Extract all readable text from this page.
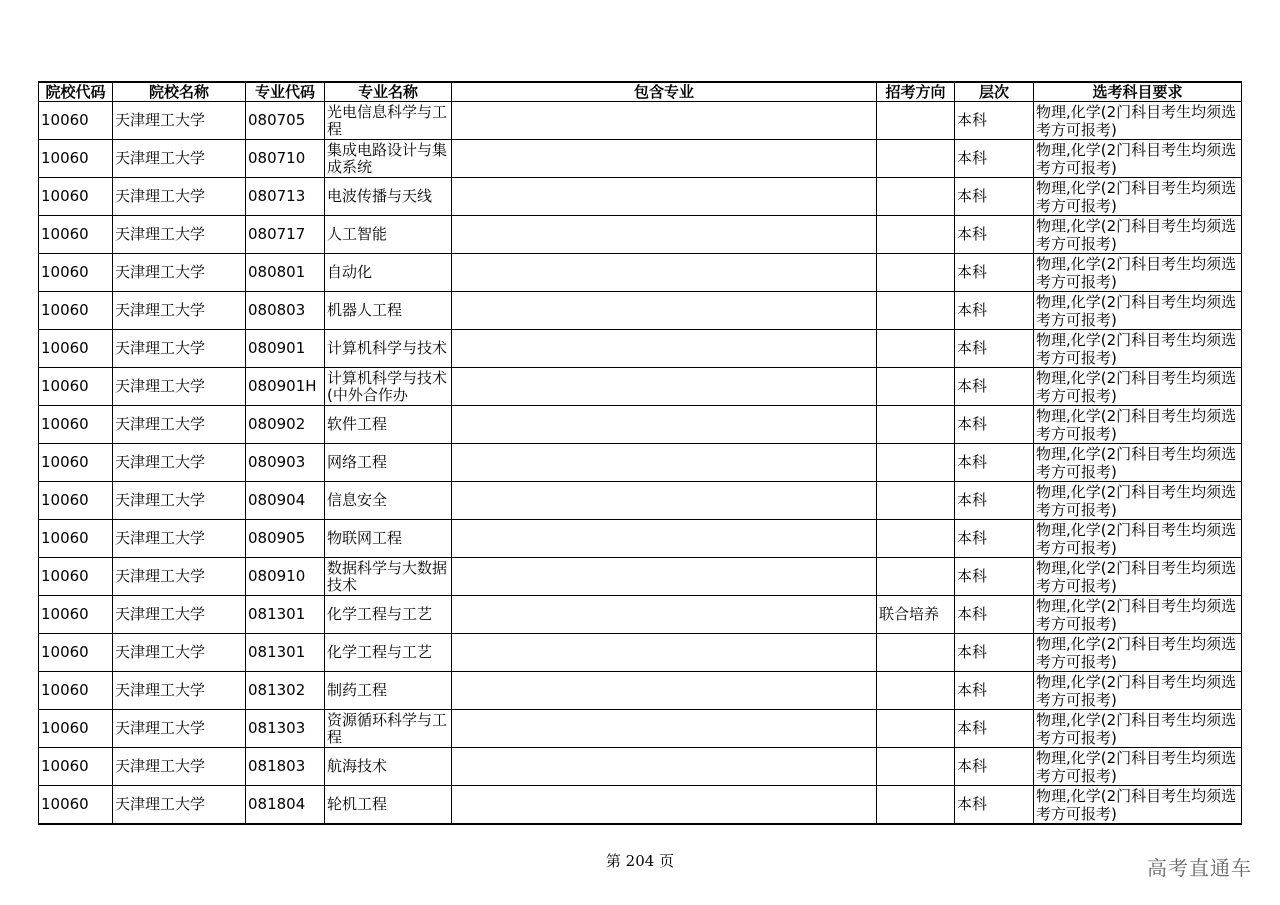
院校代码	院校名称	专业代码	专业名称	包含专业	招考方向	层次	选考科目要求
10060	天津理工大学	080705	光电信息科学与工程			本科	物理,化学(2门科目考生均须选考方可报考)

10060	天津理工大学	080710	集成电路设计与集成系统			本科	物理,化学(2门科目考生均须选考方可报考)

10060	天津理工大学	080713	电波传播与天线			本科	物理,化学(2门科目考生均须选考方可报考)

10060	天津理工大学	080717	人工智能			本科	物理,化学(2门科目考生均须选考方可报考)

10060	天津理工大学	080801	自动化			本科	物理,化学(2门科目考生均须选考方可报考)

10060	天津理工大学	080803	机器人工程			本科	物理,化学(2门科目考生均须选考方可报考)

10060	天津理工大学	080901	计算机科学与技术			本科	物理,化学(2门科目考生均须选考方可报考)

10060	天津理工大学	080901H	计算机科学与技术(中外合作办			本科	物理,化学(2门科目考生均须选考方可报考)

10060	天津理工大学	080902	软件工程			本科	物理,化学(2门科目考生均须选考方可报考)

10060	天津理工大学	080903	网络工程			本科	物理,化学(2门科目考生均须选考方可报考)

10060	天津理工大学	080904	信息安全			本科	物理,化学(2门科目考生均须选考方可报考)

10060	天津理工大学	080905	物联网工程			本科	物理,化学(2门科目考生均须选考方可报考)

10060	天津理工大学	080910	数据科学与大数据技术			本科	物理,化学(2门科目考生均须选考方可报考)

10060	天津理工大学	081301	化学工程与工艺		联合培养	本科	物理,化学(2门科目考生均须选考方可报考)

10060	天津理工大学	081301	化学工程与工艺			本科	物理,化学(2门科目考生均须选考方可报考)

10060	天津理工大学	081302	制药工程			本科	物理,化学(2门科目考生均须选考方可报考)

10060	天津理工大学	081303	资源循环科学与工程			本科	物理,化学(2门科目考生均须选考方可报考)

10060	天津理工大学	081803	航海技术			本科	物理,化学(2门科目考生均须选考方可报考)

10060	天津理工大学	081804	轮机工程			本科	物理,化学(2门科目考生均须选考方可报考)
第 204 页	高考直通车
